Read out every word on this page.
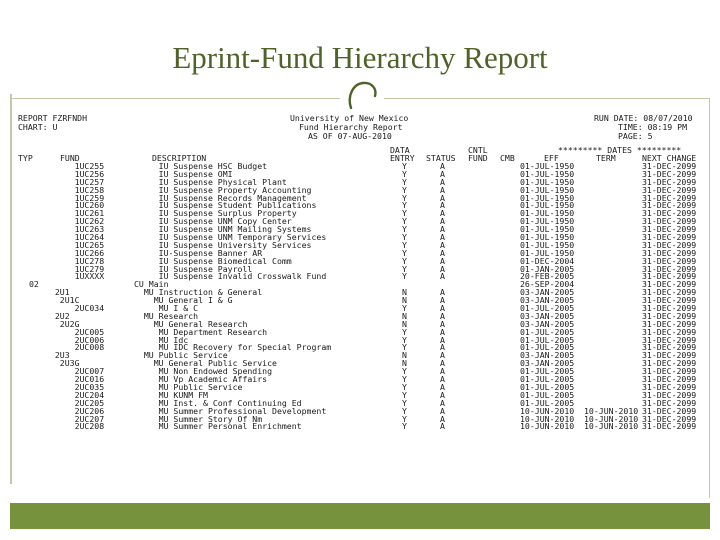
Eprint-Fund Hierarchy Report
REPORT FZRFNDH
CHART: U
University of New Mexico
Fund Hierarchy Report
AS OF 07-AUG-2010
RUN DATE: 08/07/2010
TIME: 08:19 PM
PAGE: 5
DATA	CNTL	********* DATES *********
TYP	FUND	DESCRIPTION	ENTRY STATUS FUND CMB	EFF	TERM	NEXT CHANGE
1UC255	IU Suspense HSC Budget	Y	A	01-JUL-1950	31-DEC-2099
1UC256	IU Suspense OMI	Y	A	01-JUL-1950	31-DEC-2099
1UC257	IU Suspense Physical Plant	Y	A	01-JUL-1950	31-DEC-2099
1UC258	IU Suspense Property Accounting	Y	A	01-JUL-1950	31-DEC-2099
1UC259	IU Suspense Records Management	Y	A	01-JUL-1950	31-DEC-2099
1UC260	IU Suspense Student Publications	Y	A	01-JUL-1950	31-DEC-2099
1UC261	IU Suspense Surplus Property	Y	A	01-JUL-1950	31-DEC-2099
1UC262	IU Suspense UNM Copy Center	Y	A	01-JUL-1950	31-DEC-2099
1UC263	IU Suspense UNM Mailing Systems	Y	A	01-JUL-1950	31-DEC-2099
1UC264	IU Suspense UNM Temporary Services	Y	A	01-JUL-1950	31-DEC-2099
1UC265	IU Suspense University Services	Y	A	01-JUL-1950	31-DEC-2099
1UC266	IU-Suspense Banner AR	Y	A	01-JUL-1950	31-DEC-2099
1UC278	IU Suspense Biomedical Comm	Y	A	01-DEC-2004	31-DEC-2099
1UC279	IU Suspense Payroll	Y	A	01-JAN-2005	31-DEC-2099
1UXXXX	IU Suspense Invalid Crosswalk Fund	Y	A	20-FEB-2005	31-DEC-2099
02	CU Main	26-SEP-2004	31-DEC-2099
2U1	MU Instruction & General	N	A	03-JAN-2005	31-DEC-2099
2U1C	MU General I & G	N	A	03-JAN-2005	31-DEC-2099
2UC034	MU I & C	Y	A	01-JUL-2005	31-DEC-2099
2U2	MU Research	N	A	03-JAN-2005	31-DEC-2099
2U2G	MU General Research	N	A	03-JAN-2005	31-DEC-2099
2UC005	MU Department Research	Y	A	01-JUL-2005	31-DEC-2099
2UC006	MU Idc	Y	A	01-JUL-2005	31-DEC-2099
2UC008	MU IDC Recovery for Special Program	Y	A	01-JUL-2005	31-DEC-2099
2U3	MU Public Service	N	A	03-JAN-2005	31-DEC-2099
2U3G	MU General Public Service	N	A	03-JAN-2005	31-DEC-2099
2UC007	MU Non Endowed Spending	Y	A	01-JUL-2005	31-DEC-2099
2UC016	MU Vp Academic Affairs	Y	A	01-JUL-2005	31-DEC-2099
2UC035	MU Public Service	Y	A	01-JUL-2005	31-DEC-2099
2UC204	MU KUNM FM	Y	A	01-JUL-2005	31-DEC-2099
2UC205	MU Inst. & Conf Continuing Ed	Y	A	01-JUL-2005	31-DEC-2099
2UC206	MU Summer Professional Development	Y	A	10-JUN-2010 10-JUN-2010 31-DEC-2099
2UC207	MU Summer Story Of Nm	Y	A	10-JUN-2010 10-JUN-2010 31-DEC-2099
2UC208	MU Summer Personal Enrichment	Y	A	10-JUN-2010 10-JUN-2010 31-DEC-2099
